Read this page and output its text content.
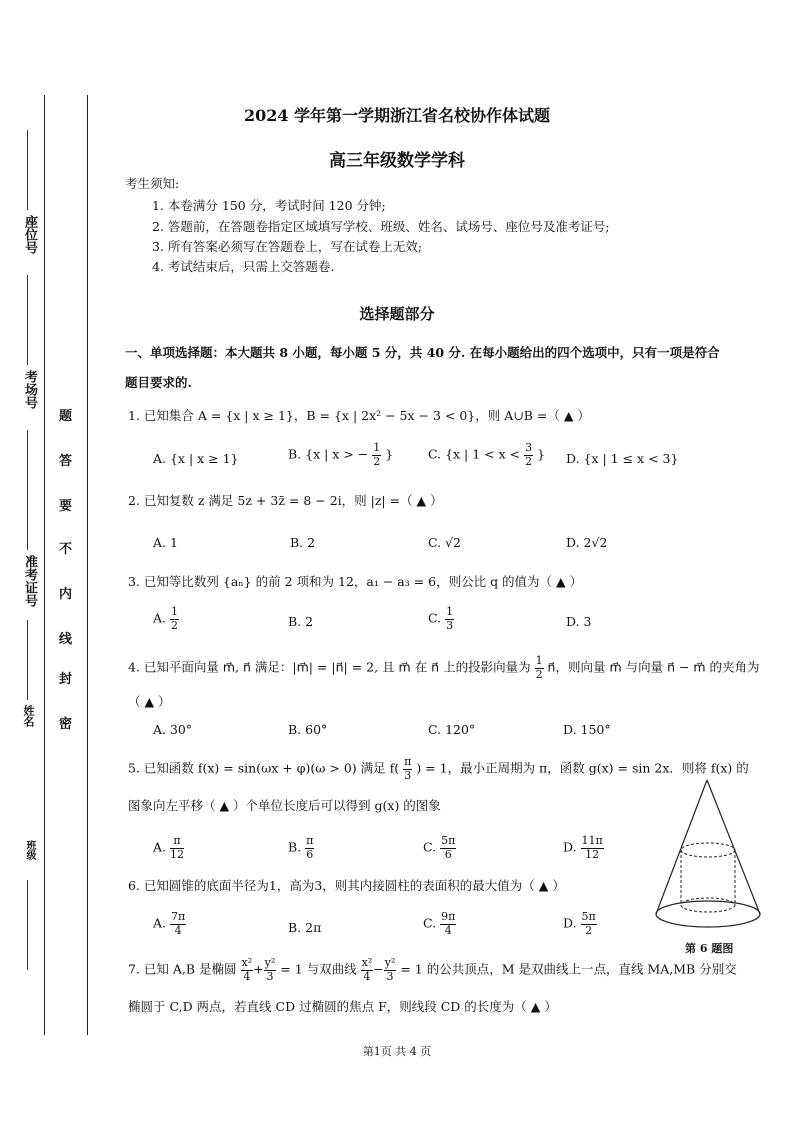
座位号
考场号
准考证号
姓名
班级
密
封
线
内
不
要
答
题
2024 学年第一学期浙江省名校协作体试题
高三年级数学学科
考生须知:
1. 本卷满分 150 分，考试时间 120 分钟;
2. 答题前，在答题卷指定区域填写学校、班级、姓名、试场号、座位号及准考证号;
3. 所有答案必须写在答题卷上，写在试卷上无效;
4. 考试结束后，只需上交答题卷.
选择题部分
一、单项选择题：本大题共 8 小题，每小题 5 分，共 40 分. 在每小题给出的四个选项中，只有一项是符合
题目要求的.
1. 已知集合 A = {x | x ≥ 1}，B = {x | 2x² − 5x − 3 < 0}，则 A∪B =（ ▲ ）
A. {x | x ≥ 1}	B. {x | x > − $\frac{1}{2}$ }	C. {x | $1 < x < \frac{3}{2}$ } D. {x | 1 ≤ x < 3}
2. 已知复数 z 满足 5z + 3z̄ = 8 − 2i，则 |z| =（ ▲ ）
A. 1	B. 2	C. √2	D. 2√2
3. 已知等比数列 {aₙ} 的前 2 项和为 12，a₁ − a₃ = 6，则公比 q 的值为（ ▲ ）
A. $\frac{1}{2}$	B. 2	C. $\frac{1}{3}$	D. 3
4. 已知平面向量 m⃗, n⃗ 满足：|m⃗| = |n⃗| = 2, 且 m⃗ 在 n⃗ 上的投影向量为 $\frac{1}{2}$ n⃗，则向量 m⃗ 与向量 n⃗ − m⃗ 的夹角为
（ ▲ ）
A. 30°	B. 60°	C. 120°	D. 150°
5. 已知函数 f(x) = sin(ωx + φ)(ω > 0) 满足 $f( \frac{\pi}{3}$ ) = 1，最小正周期为 π，函数 g(x) = sin 2x．则将 f(x) 的
图象向左平移（ ▲ ）个单位长度后可以得到 g(x) 的图象
A. $\frac{\pi}{12}$	B. $\frac{\pi}{6}$	C. $\frac{5\pi}{6}$	D. $\frac{11\pi}{12}$
6. 已知圆锥的底面半径为1，高为3，则其内接圆柱的表面积的最大值为（ ▲ ）
A. $\frac{7\pi}{4}$	B. 2π	C. $\frac{9\pi}{4}$	D. $\frac{5\pi}{2}$
第 6 题图
7. 已知 A,B 是椭圆 $\frac{\text{x²}}{4} + \frac{\text{y²}}{3} = 1$ 与双曲线 $\frac{\text{x²}}{4} - \frac{\text{y²}}{3} = 1$ 的公共顶点，M 是双曲线上一点，直线 MA,MB 分别交
椭圆于 C,D 两点，若直线 CD 过椭圆的焦点 F，则线段 CD 的长度为（ ▲ ）
第1页 共 4 页
